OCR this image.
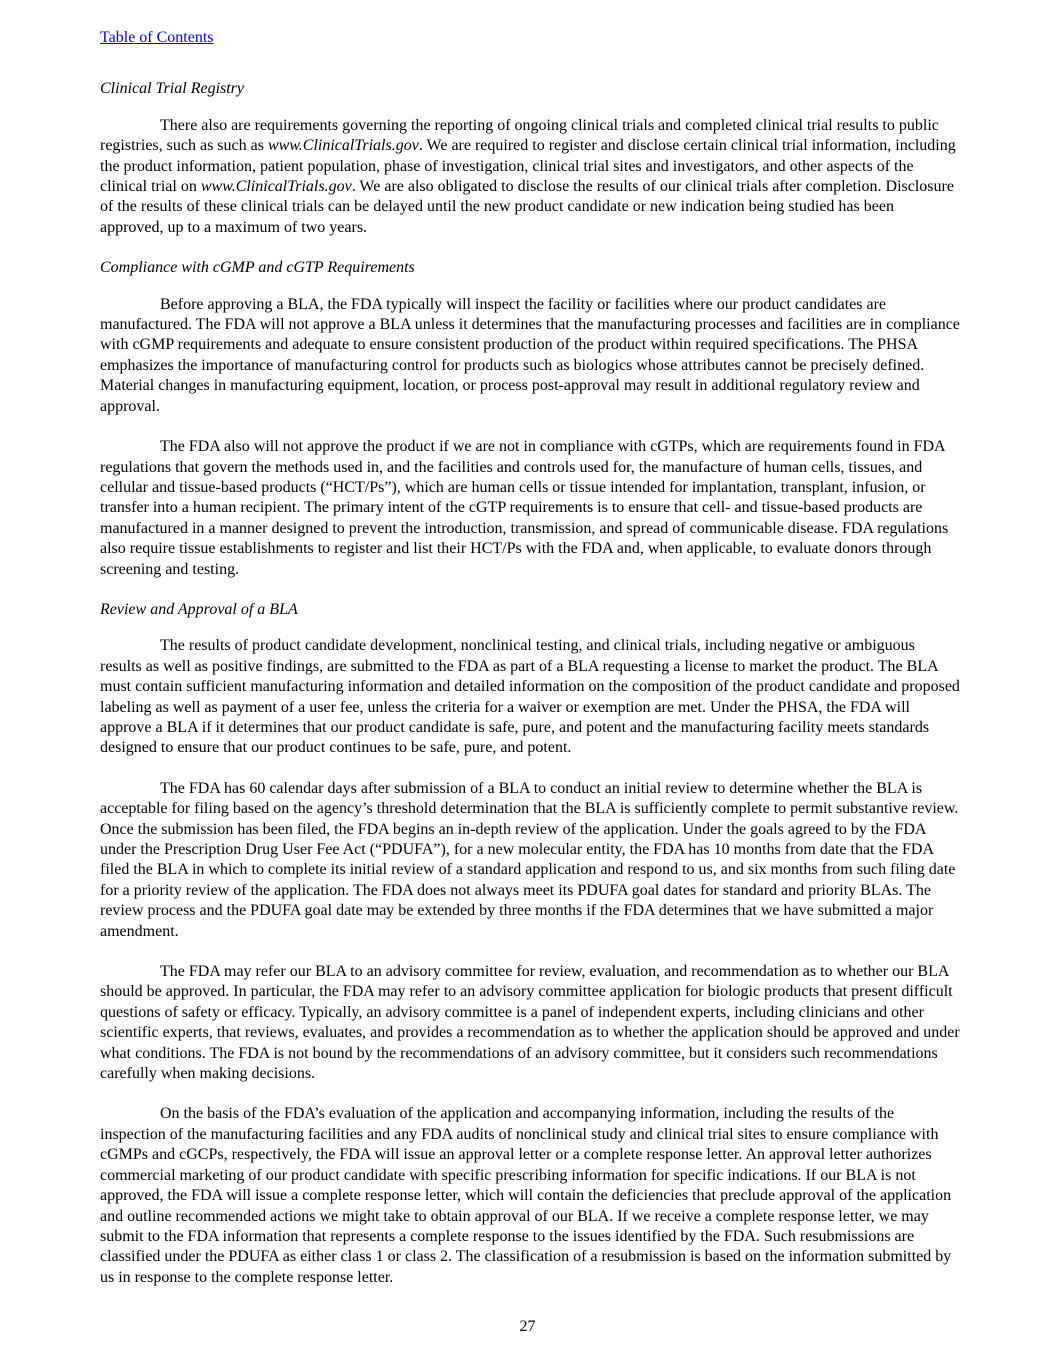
Table of Contents
Clinical Trial Registry

There also are requirements governing the reporting of ongoing clinical trials and completed clinical trial results to public registries, such as such as www.ClinicalTrials.gov. We are required to register and disclose certain clinical trial information, including the product information, patient population, phase of investigation, clinical trial sites and investigators, and other aspects of the clinical trial on www.ClinicalTrials.gov. We are also obligated to disclose the results of our clinical trials after completion. Disclosure of the results of these clinical trials can be delayed until the new product candidate or new indication being studied has been approved, up to a maximum of two years.

Compliance with cGMP and cGTP Requirements

Before approving a BLA, the FDA typically will inspect the facility or facilities where our product candidates are manufactured. The FDA will not approve a BLA unless it determines that the manufacturing processes and facilities are in compliance with cGMP requirements and adequate to ensure consistent production of the product within required specifications. The PHSA emphasizes the importance of manufacturing control for products such as biologics whose attributes cannot be precisely defined. Material changes in manufacturing equipment, location, or process post-approval may result in additional regulatory review and approval.

The FDA also will not approve the product if we are not in compliance with cGTPs, which are requirements found in FDA regulations that govern the methods used in, and the facilities and controls used for, the manufacture of human cells, tissues, and cellular and tissue-based products (“HCT/Ps”), which are human cells or tissue intended for implantation, transplant, infusion, or transfer into a human recipient. The primary intent of the cGTP requirements is to ensure that cell- and tissue-based products are manufactured in a manner designed to prevent the introduction, transmission, and spread of communicable disease. FDA regulations also require tissue establishments to register and list their HCT/Ps with the FDA and, when applicable, to evaluate donors through screening and testing.

Review and Approval of a BLA

The results of product candidate development, nonclinical testing, and clinical trials, including negative or ambiguous results as well as positive findings, are submitted to the FDA as part of a BLA requesting a license to market the product. The BLA must contain sufficient manufacturing information and detailed information on the composition of the product candidate and proposed labeling as well as payment of a user fee, unless the criteria for a waiver or exemption are met. Under the PHSA, the FDA will approve a BLA if it determines that our product candidate is safe, pure, and potent and the manufacturing facility meets standards designed to ensure that our product continues to be safe, pure, and potent.

The FDA has 60 calendar days after submission of a BLA to conduct an initial review to determine whether the BLA is acceptable for filing based on the agency’s threshold determination that the BLA is sufficiently complete to permit substantive review. Once the submission has been filed, the FDA begins an in-depth review of the application. Under the goals agreed to by the FDA under the Prescription Drug User Fee Act (“PDUFA”), for a new molecular entity, the FDA has 10 months from date that the FDA filed the BLA in which to complete its initial review of a standard application and respond to us, and six months from such filing date for a priority review of the application. The FDA does not always meet its PDUFA goal dates for standard and priority BLAs. The review process and the PDUFA goal date may be extended by three months if the FDA determines that we have submitted a major amendment.

The FDA may refer our BLA to an advisory committee for review, evaluation, and recommendation as to whether our BLA should be approved. In particular, the FDA may refer to an advisory committee application for biologic products that present difficult questions of safety or efficacy. Typically, an advisory committee is a panel of independent experts, including clinicians and other scientific experts, that reviews, evaluates, and provides a recommendation as to whether the application should be approved and under what conditions. The FDA is not bound by the recommendations of an advisory committee, but it considers such recommendations carefully when making decisions.

On the basis of the FDA’s evaluation of the application and accompanying information, including the results of the inspection of the manufacturing facilities and any FDA audits of nonclinical study and clinical trial sites to ensure compliance with cGMPs and cGCPs, respectively, the FDA will issue an approval letter or a complete response letter. An approval letter authorizes commercial marketing of our product candidate with specific prescribing information for specific indications. If our BLA is not approved, the FDA will issue a complete response letter, which will contain the deficiencies that preclude approval of the application and outline recommended actions we might take to obtain approval of our BLA. If we receive a complete response letter, we may submit to the FDA information that represents a complete response to the issues identified by the FDA. Such resubmissions are classified under the PDUFA as either class 1 or class 2. The classification of a resubmission is based on the information submitted by us in response to the complete response letter.

27
